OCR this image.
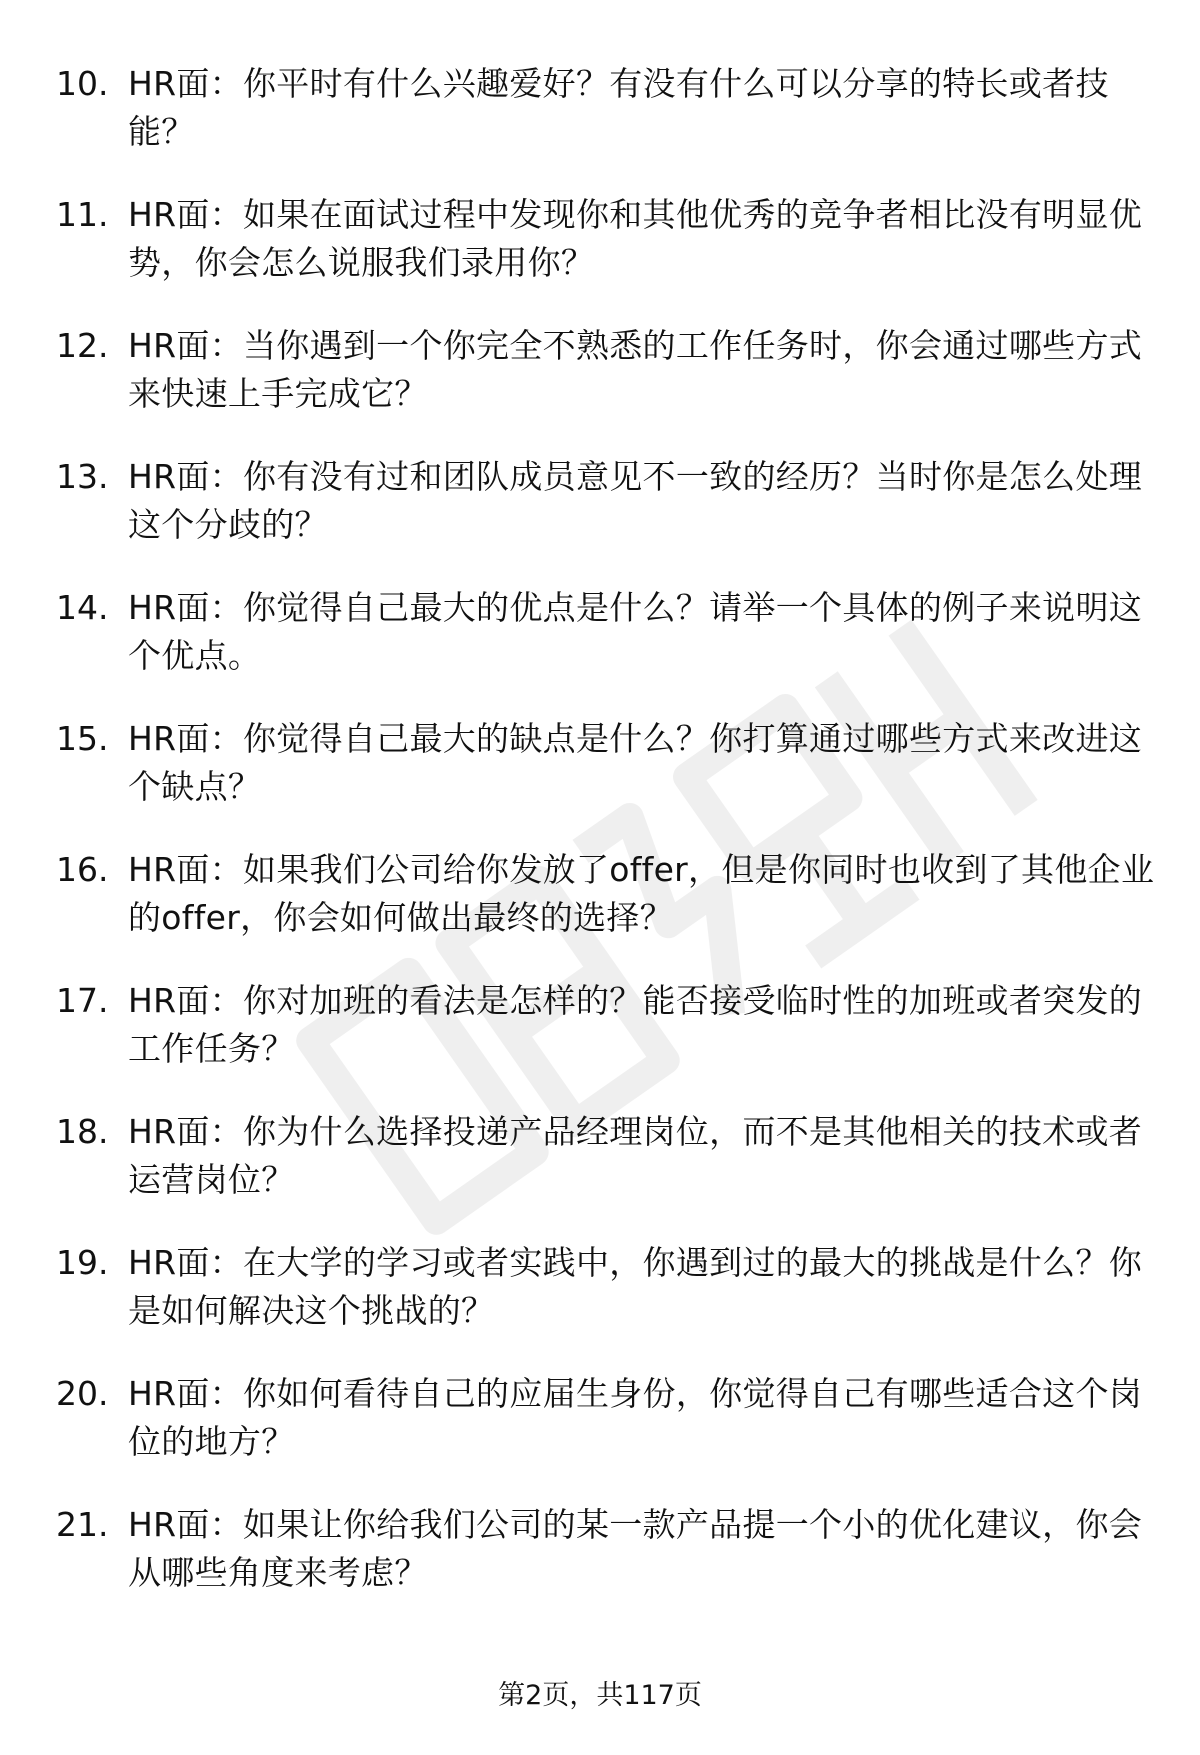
10. HR面：你平时有什么兴趣爱好？有没有什么可以分享的特长或者技能？
11. HR面：如果在面试过程中发现你和其他优秀的竞争者相比没有明显优势，你会怎么说服我们录用你？
12. HR面：当你遇到一个你完全不熟悉的工作任务时，你会通过哪些方式来快速上手完成它？
13. HR面：你有没有过和团队成员意见不一致的经历？当时你是怎么处理这个分歧的？
14. HR面：你觉得自己最大的优点是什么？请举一个具体的例子来说明这个优点。
15. HR面：你觉得自己最大的缺点是什么？你打算通过哪些方式来改进这个缺点？
16. HR面：如果我们公司给你发放了offer，但是你同时也收到了其他企业的offer，你会如何做出最终的选择？
17. HR面：你对加班的看法是怎样的？能否接受临时性的加班或者突发的工作任务？
18. HR面：你为什么选择投递产品经理岗位，而不是其他相关的技术或者运营岗位？
19. HR面：在大学的学习或者实践中，你遇到过的最大的挑战是什么？你是如何解决这个挑战的？
20. HR面：你如何看待自己的应届生身份，你觉得自己有哪些适合这个岗位的地方？
21. HR面：如果让你给我们公司的某一款产品提一个小的优化建议，你会从哪些角度来考虑？
第2页，共117页
